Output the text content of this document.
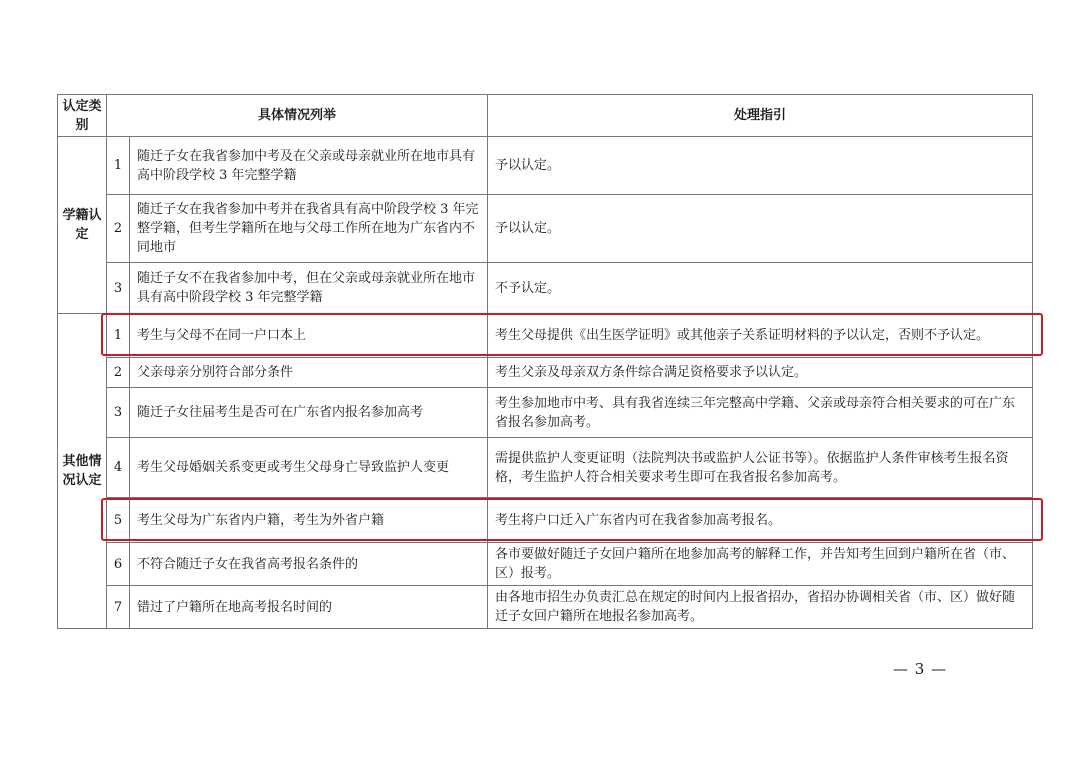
认定类别	具体情况列举		处理指引
学籍认定	1	随迁子女在我省参加中考及在父亲或母亲就业所在地市具有高中阶段学校 3 年完整学籍	予以认定。
	2	随迁子女在我省参加中考并在我省具有高中阶段学校 3 年完整学籍，但考生学籍所在地与父母工作所在地为广东省内不同地市	予以认定。
	3	随迁子女不在我省参加中考，但在父亲或母亲就业所在地市具有高中阶段学校 3 年完整学籍	不予认定。
其他情况认定	1	考生与父母不在同一户口本上	考生父母提供《出生医学证明》或其他亲子关系证明材料的予以认定，否则不予认定。
	2	父亲母亲分别符合部分条件	考生父亲及母亲双方条件综合满足资格要求予以认定。
	3	随迁子女往届考生是否可在广东省内报名参加高考	考生参加地市中考、具有我省连续三年完整高中学籍、父亲或母亲符合相关要求的可在广东省报名参加高考。
	4	考生父母婚姻关系变更或考生父母身亡导致监护人变更	需提供监护人变更证明（法院判决书或监护人公证书等）。依据监护人条件审核考生报名资格，考生监护人符合相关要求考生即可在我省报名参加高考。
	5	考生父母为广东省内户籍，考生为外省户籍	考生将户口迁入广东省内可在我省参加高考报名。
	6	不符合随迁子女在我省高考报名条件的	各市要做好随迁子女回户籍所在地参加高考的解释工作，并告知考生回到户籍所在省（市、区）报考。
	7	错过了户籍所在地高考报名时间的	由各地市招生办负责汇总在规定的时间内上报省招办，省招办协调相关省（市、区）做好随迁子女回户籍所在地报名参加高考。
— 3 —
